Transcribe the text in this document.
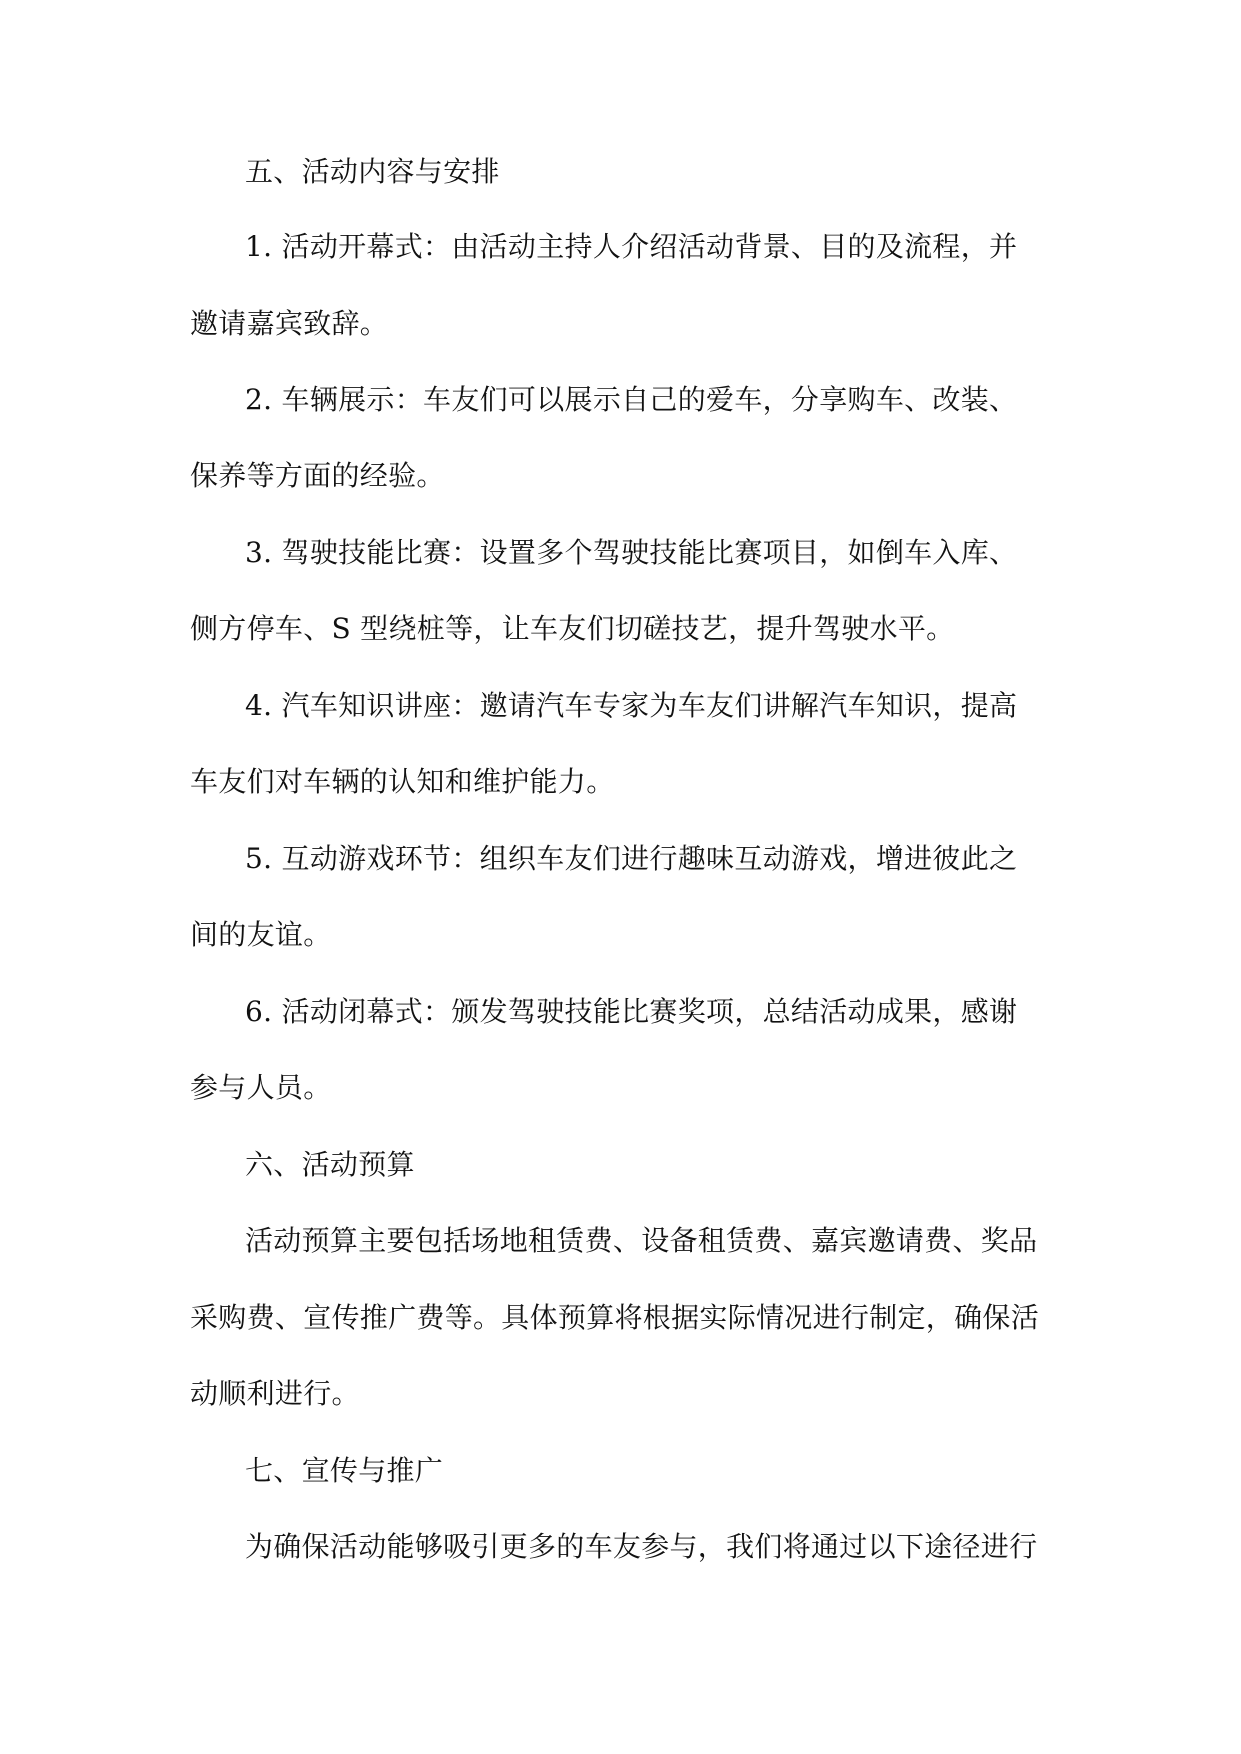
五、活动内容与安排
1. 活动开幕式：由活动主持人介绍活动背景、目的及流程，并
邀请嘉宾致辞。
2. 车辆展示：车友们可以展示自己的爱车，分享购车、改装、
保养等方面的经验。
3. 驾驶技能比赛：设置多个驾驶技能比赛项目，如倒车入库、
侧方停车、S 型绕桩等，让车友们切磋技艺，提升驾驶水平。
4. 汽车知识讲座：邀请汽车专家为车友们讲解汽车知识，提高
车友们对车辆的认知和维护能力。
5. 互动游戏环节：组织车友们进行趣味互动游戏，增进彼此之
间的友谊。
6. 活动闭幕式：颁发驾驶技能比赛奖项，总结活动成果，感谢
参与人员。
六、活动预算
活动预算主要包括场地租赁费、设备租赁费、嘉宾邀请费、奖品
采购费、宣传推广费等。具体预算将根据实际情况进行制定，确保活
动顺利进行。
七、宣传与推广
为确保活动能够吸引更多的车友参与，我们将通过以下途径进行
